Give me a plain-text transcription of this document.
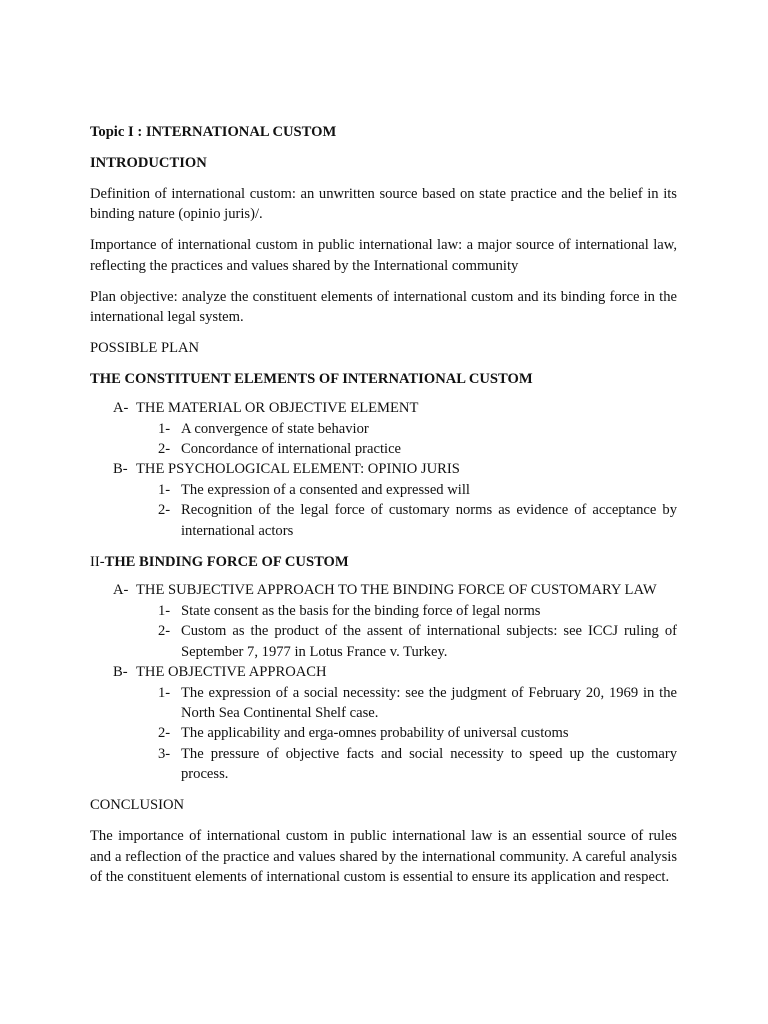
Topic I : INTERNATIONAL CUSTOM

INTRODUCTION

Definition of international custom: an unwritten source based on state practice and the belief in its binding nature (opinio juris)/.

Importance of international custom in public international law: a major source of international law, reflecting the practices and values shared by the International community

Plan objective: analyze the constituent elements of international custom and its binding force in the international legal system.

POSSIBLE PLAN

THE CONSTITUENT ELEMENTS OF INTERNATIONAL CUSTOM

A- THE MATERIAL OR OBJECTIVE ELEMENT
1- A convergence of state behavior
2- Concordance of international practice
B- THE PSYCHOLOGICAL ELEMENT: OPINIO JURIS
1- The expression of a consented and expressed will
2- Recognition of the legal force of customary norms as evidence of acceptance by international actors

II-THE BINDING FORCE OF CUSTOM

A- THE SUBJECTIVE APPROACH TO THE BINDING FORCE OF CUSTOMARY LAW
1- State consent as the basis for the binding force of legal norms
2- Custom as the product of the assent of international subjects: see ICCJ ruling of September 7, 1977 in Lotus France v. Turkey.
B- THE OBJECTIVE APPROACH
1- The expression of a social necessity: see the judgment of February 20, 1969 in the North Sea Continental Shelf case.
2- The applicability and erga-omnes probability of universal customs
3- The pressure of objective facts and social necessity to speed up the customary process.

CONCLUSION

The importance of international custom in public international law is an essential source of rules and a reflection of the practice and values shared by the international community. A careful analysis of the constituent elements of international custom is essential to ensure its application and respect.
